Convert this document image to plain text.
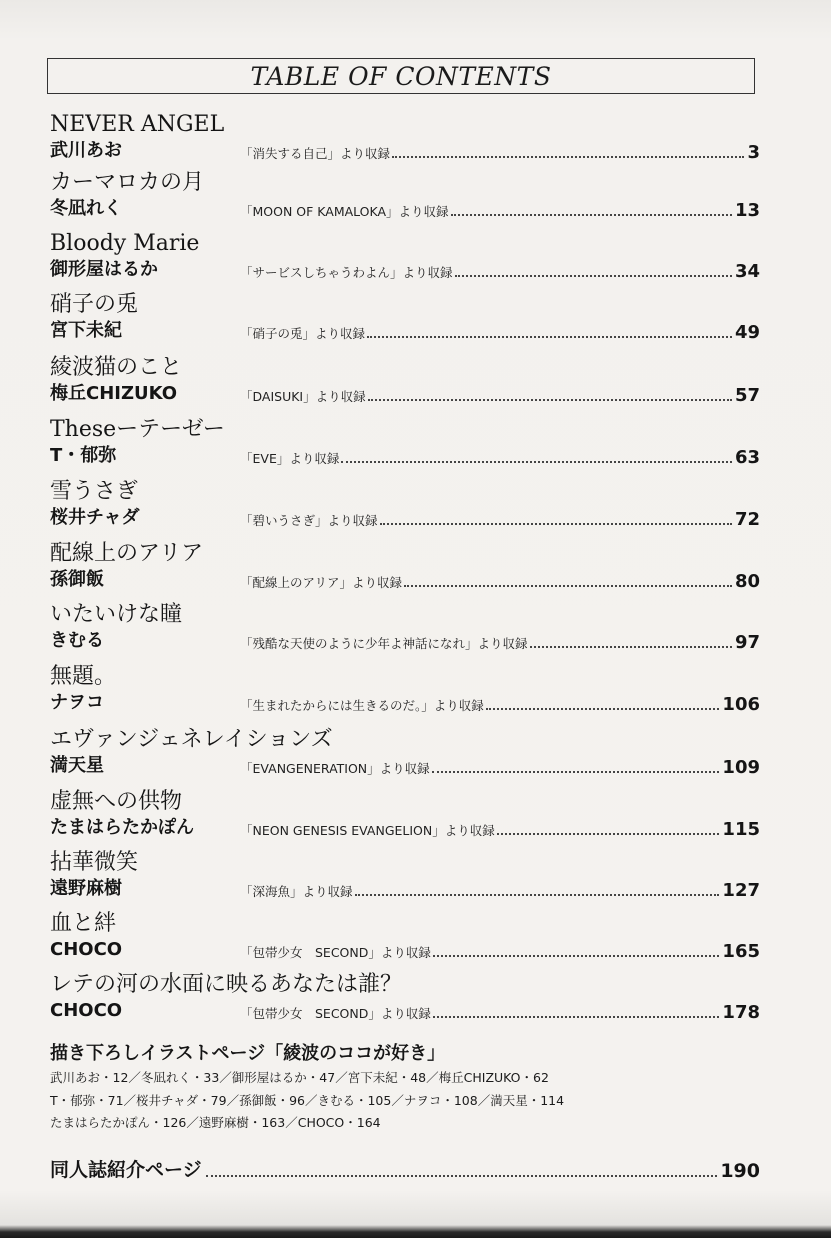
TABLE OF CONTENTS
NEVER ANGEL
武川あお	「消失する自己」より収録	3
カーマロカの月
冬凪れく	「MOON OF KAMALOKA」より収録	13
Bloody Marie
御形屋はるか	「サービスしちゃうわよん」より収録	34
硝子の兎
宮下未紀	「硝子の兎」より収録	49
綾波猫のこと
梅丘CHIZUKO	「DAISUKI」より収録	57
Theseーテーゼー
T・郁弥	「EVE」より収録	63
雪うさぎ
桜井チャダ	「碧いうさぎ」より収録	72
配線上のアリア
孫御飯	「配線上のアリア」より収録	80
いたいけな瞳
きむる	「残酷な天使のように少年よ神話になれ」より収録	97
無題。
ナヲコ	「生まれたからには生きるのだ。」より収録	106
エヴァンジェネレイションズ
満天星	「EVANGENERATION」より収録	109
虚無への供物
たまはらたかぽん	「NEON GENESIS EVANGELION」より収録	115
拈華微笑
遠野麻樹	「深海魚」より収録	127
血と絆
CHOCO	「包帯少女　SECOND」より収録	165
レテの河の水面に映るあなたは誰？
CHOCO	「包帯少女　SECOND」より収録	178
描き下ろしイラストページ「綾波のココが好き」
武川あお・12／冬凪れく・33／御形屋はるか・47／宮下未紀・48／梅丘CHIZUKO・62
T・郁弥・71／桜井チャダ・79／孫御飯・96／きむる・105／ナヲコ・108／満天星・114
たまはらたかぽん・126／遠野麻樹・163／CHOCO・164
同人誌紹介ページ	190
